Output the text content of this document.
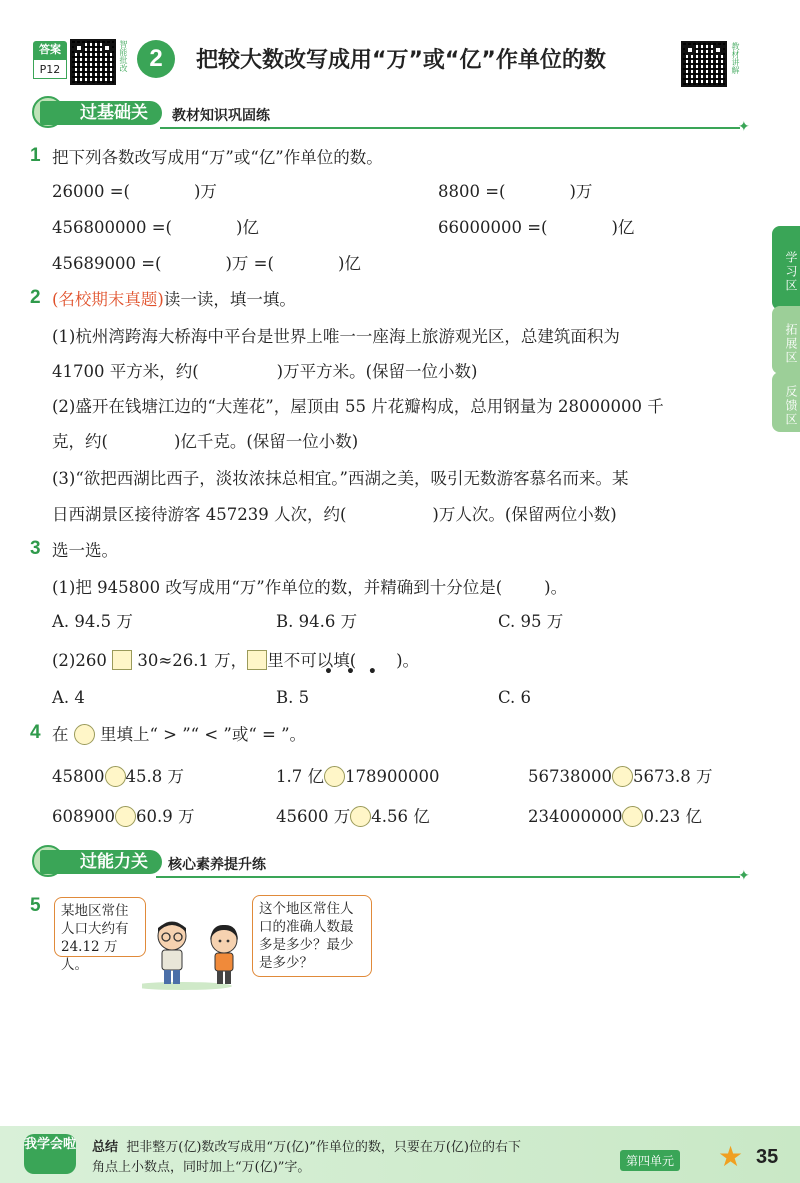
答案
P12	智能批改 2	把较大数改写成用“万”或“亿”作单位的数	教材讲解
学习区
拓展区
反馈区
过基础关	教材知识巩固练
✦
1 把下列各数改写成用“万”或“亿”作单位的数。
26000 =(	)万	8800 =(	)万
456800000 =(	)亿	66000000 =(	)亿
45689000 =(	)万 =(	)亿
2 (名校期末真题)读一读，填一填。
(1)杭州湾跨海大桥海中平台是世界上唯一一座海上旅游观光区，总建筑面积为
41700 平方米，约(	)万平方米。(保留一位小数)
(2)盛开在钱塘江边的“大莲花”，屋顶由 55 片花瓣构成，总用钢量为 28000000 千
克，约(	)亿千克。(保留一位小数)
(3)“欲把西湖比西子，淡妆浓抹总相宜。”西湖之美，吸引无数游客慕名而来。某
日西湖景区接待游客 457239 人次，约(	)万人次。(保留两位小数)
3 选一选。
(1)把 945800 改写成用“万”作单位的数，并精确到十分位是(	)。
A. 94.5 万	B. 94.6 万	C. 95 万
(2)260 30≈26.1 万， 里不可以填( )。
•••
A. 4	B. 5	C. 6
4 在 里填上“ > ”“ < ”或“ = ”。
45800 45.8 万	1.7 亿 178900000	56738000 5673.8 万
608900 60.9 万	45600 万 4.56 亿	234000000 0.23 亿
过能力关	核心素养提升练
✦
5	某地区常住人口大约有24.12 万人。
这个地区常住人口的准确人数最多是多少？最少是多少？
我学会啦 总结 把非整万(亿)数改写成用“万(亿)”作单位的数，只要在万(亿)位的右下
角点上小数点，同时加上“万(亿)”字。	第四单元 ★ 35
